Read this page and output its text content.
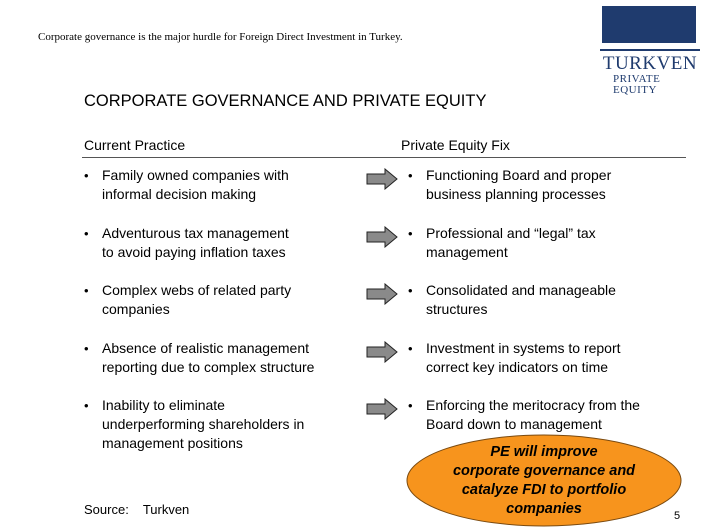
Corporate governance is the major hurdle for Foreign Direct Investment in Turkey.
TURKVEN
PRIVATE
EQUITY
CORPORATE GOVERNANCE AND PRIVATE EQUITY
Current Practice	Private Equity Fix
• Family owned companies with
informal decision making
• Functioning Board and proper
business planning processes
• Adventurous tax management
to avoid paying inflation taxes
• Professional and “legal” tax
management
• Complex webs of related party
companies
• Consolidated and manageable
structures
• Absence of realistic management
reporting due to complex structure
• Investment in systems to report
correct key indicators on time
• Inability to eliminate
underperforming shareholders in
management positions
• Enforcing the meritocracy from the
Board down to management
PE will improve
corporate governance and
catalyze FDI to portfolio
companies
Source: Turkven	5
